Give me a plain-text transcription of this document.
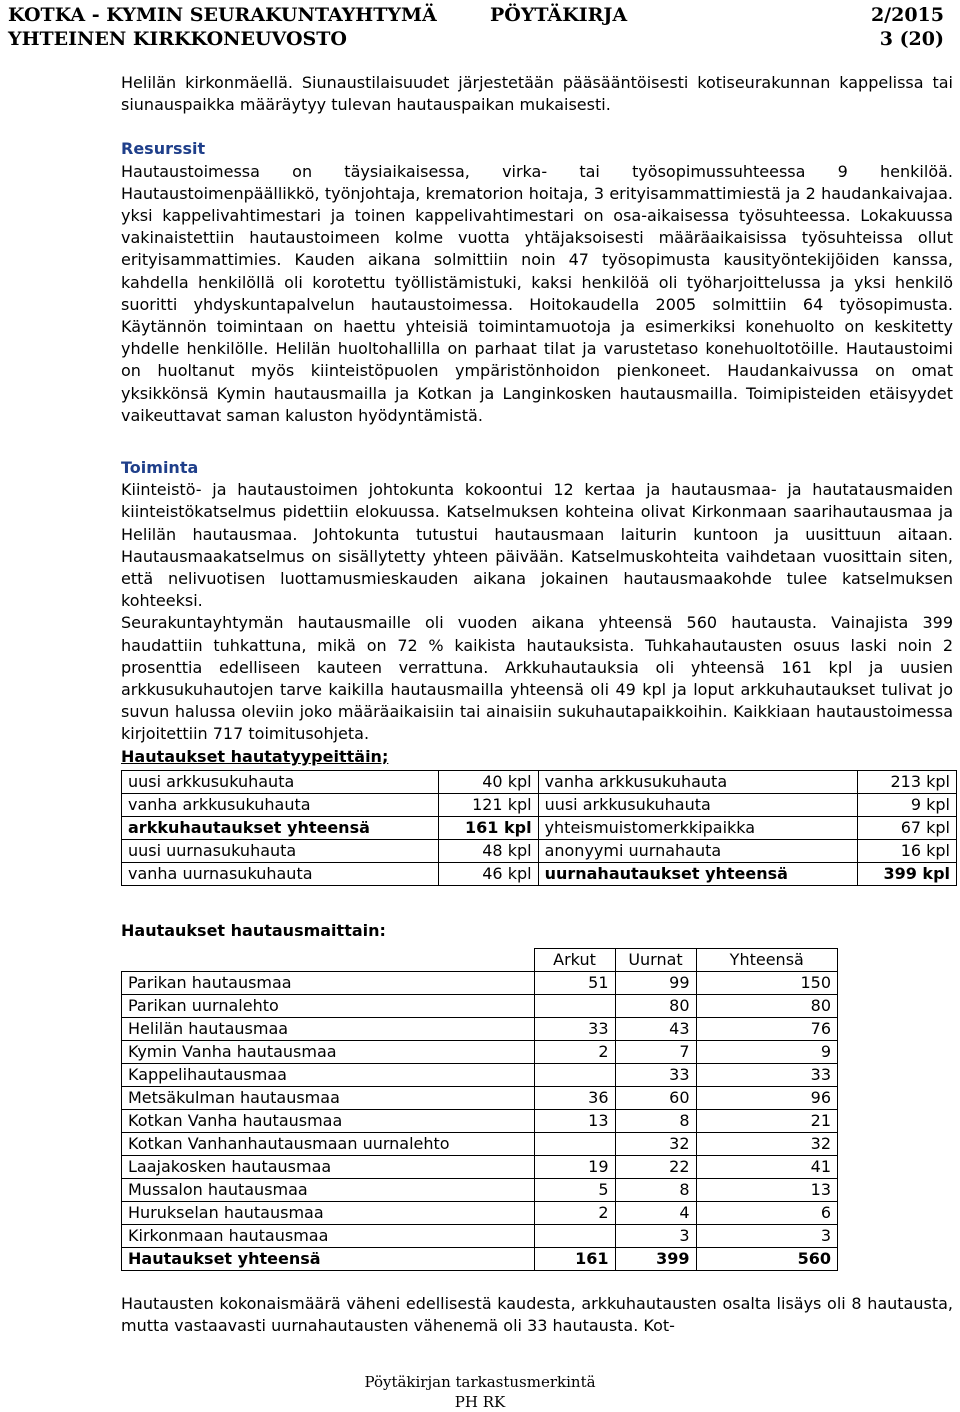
KOTKA - KYMIN SEURAKUNTAYHTYMÄ	PÖYTÄKIRJA	2/2015
YHTEINEN KIRKKONEUVOSTO	3 (20)

Helilän kirkonmäellä. Siunaustilaisuudet järjestetään pääsääntöisesti kotiseurakunnan kappelissa tai siunauspaikka määräytyy tulevan hautauspaikan mukaisesti.

Resurssit

Hautaustoimessa on täysiaikaisessa, virka- tai työsopimussuhteessa 9 henkilöä. Hautaustoimenpäällikkö, työnjohtaja, krematorion hoitaja, 3 erityisammattimiestä ja 2 haudankaivajaa. yksi kappelivahtimestari ja toinen kappelivahtimestari on osa-aikaisessa työsuhteessa. Lokakuussa vakinaistettiin hautaustoimeen kolme vuotta yhtäjaksoisesti määräaikaisissa työsuhteissa ollut erityisammattimies. Kauden aikana solmittiin noin 47 työsopimusta kausityöntekijöiden kanssa, kahdella henkilöllä oli korotettu työllistämistuki, kaksi henkilöä oli työharjoittelussa ja yksi henkilö suoritti yhdyskuntapalvelun hautaustoimessa. Hoitokaudella 2005 solmittiin 64 työsopimusta. Käytännön toimintaan on haettu yhteisiä toimintamuotoja ja esimerkiksi konehuolto on keskitetty yhdelle henkilölle. Helilän huoltohallilla on parhaat tilat ja varustetaso konehuoltotöille. Hautaustoimi on huoltanut myös kiinteistöpuolen ympäristönhoidon pienkoneet. Haudankaivussa on omat yksikkönsä Kymin hautausmailla ja Kotkan ja Langinkosken hautausmailla. Toimipisteiden etäisyydet vaikeuttavat saman kaluston hyödyntämistä.

Toiminta

Kiinteistö- ja hautaustoimen johtokunta kokoontui 12 kertaa ja hautausmaa- ja hautatausmaiden kiinteistökatselmus pidettiin elokuussa. Katselmuksen kohteina olivat Kirkonmaan saarihautausmaa ja Helilän hautausmaa. Johtokunta tutustui hautausmaan laiturin kuntoon ja uusittuun aitaan. Hautausmaakatselmus on sisällytetty yhteen päivään. Katselmuskohteita vaihdetaan vuosittain siten, että nelivuotisen luottamusmieskauden aikana jokainen hautausmaakohde tulee katselmuksen kohteeksi.

Seurakuntayhtymän hautausmaille oli vuoden aikana yhteensä 560 hautausta. Vainajista 399 haudattiin tuhkattuna, mikä on 72 % kaikista hautauksista. Tuhkahautausten osuus laski noin 2 prosenttia edelliseen kauteen verrattuna. Arkkuhautauksia oli yhteensä 161 kpl ja uusien arkkusukuhautojen tarve kaikilla hautausmailla yhteensä oli 49 kpl ja loput arkkuhautaukset tulivat jo suvun halussa oleviin joko määräaikaisiin tai ainaisiin sukuhautapaikkoihin. Kaikkiaan hautaustoimessa kirjoitettiin 717 toimitusohjeta.

Hautaukset hautatyypeittäin;
uusi arkkusukuhauta	40 kpl	vanha arkkusukuhauta	213 kpl
vanha arkkusukuhauta	121 kpl	uusi arkkusukuhauta	9 kpl
arkkuhautaukset yhteensä	161 kpl	yhteismuistomerkkipaikka	67 kpl
uusi uurnasukuhauta	48 kpl	anonyymi uurnahauta	16 kpl
vanha uurnasukuhauta	46 kpl	uurnahautaukset yhteensä	399 kpl
Hautaukset hautausmaittain:
	Arkut	Uurnat	Yhteensä
Parikan hautausmaa	51	99	150
Parikan uurnalehto		80	80
Helilän hautausmaa	33	43	76
Kymin Vanha hautausmaa	2	7	9
Kappelihautausmaa		33	33
Metsäkulman hautausmaa	36	60	96
Kotkan Vanha hautausmaa	13	8	21
Kotkan Vanhanhautausmaan uurnalehto		32	32
Laajakosken hautausmaa	19	22	41
Mussalon hautausmaa	5	8	13
Hurukselan hautausmaa	2	4	6
Kirkonmaan hautausmaa		3	3
Hautaukset yhteensä	161	399	560

Hautausten kokonaismäärä väheni edellisestä kaudesta, arkkuhautausten osalta lisäys oli 8 hautausta, mutta vastaavasti uurnahautausten vähenemä oli 33 hautausta. Kot-

Pöytäkirjan tarkastusmerkintä
PH RK
